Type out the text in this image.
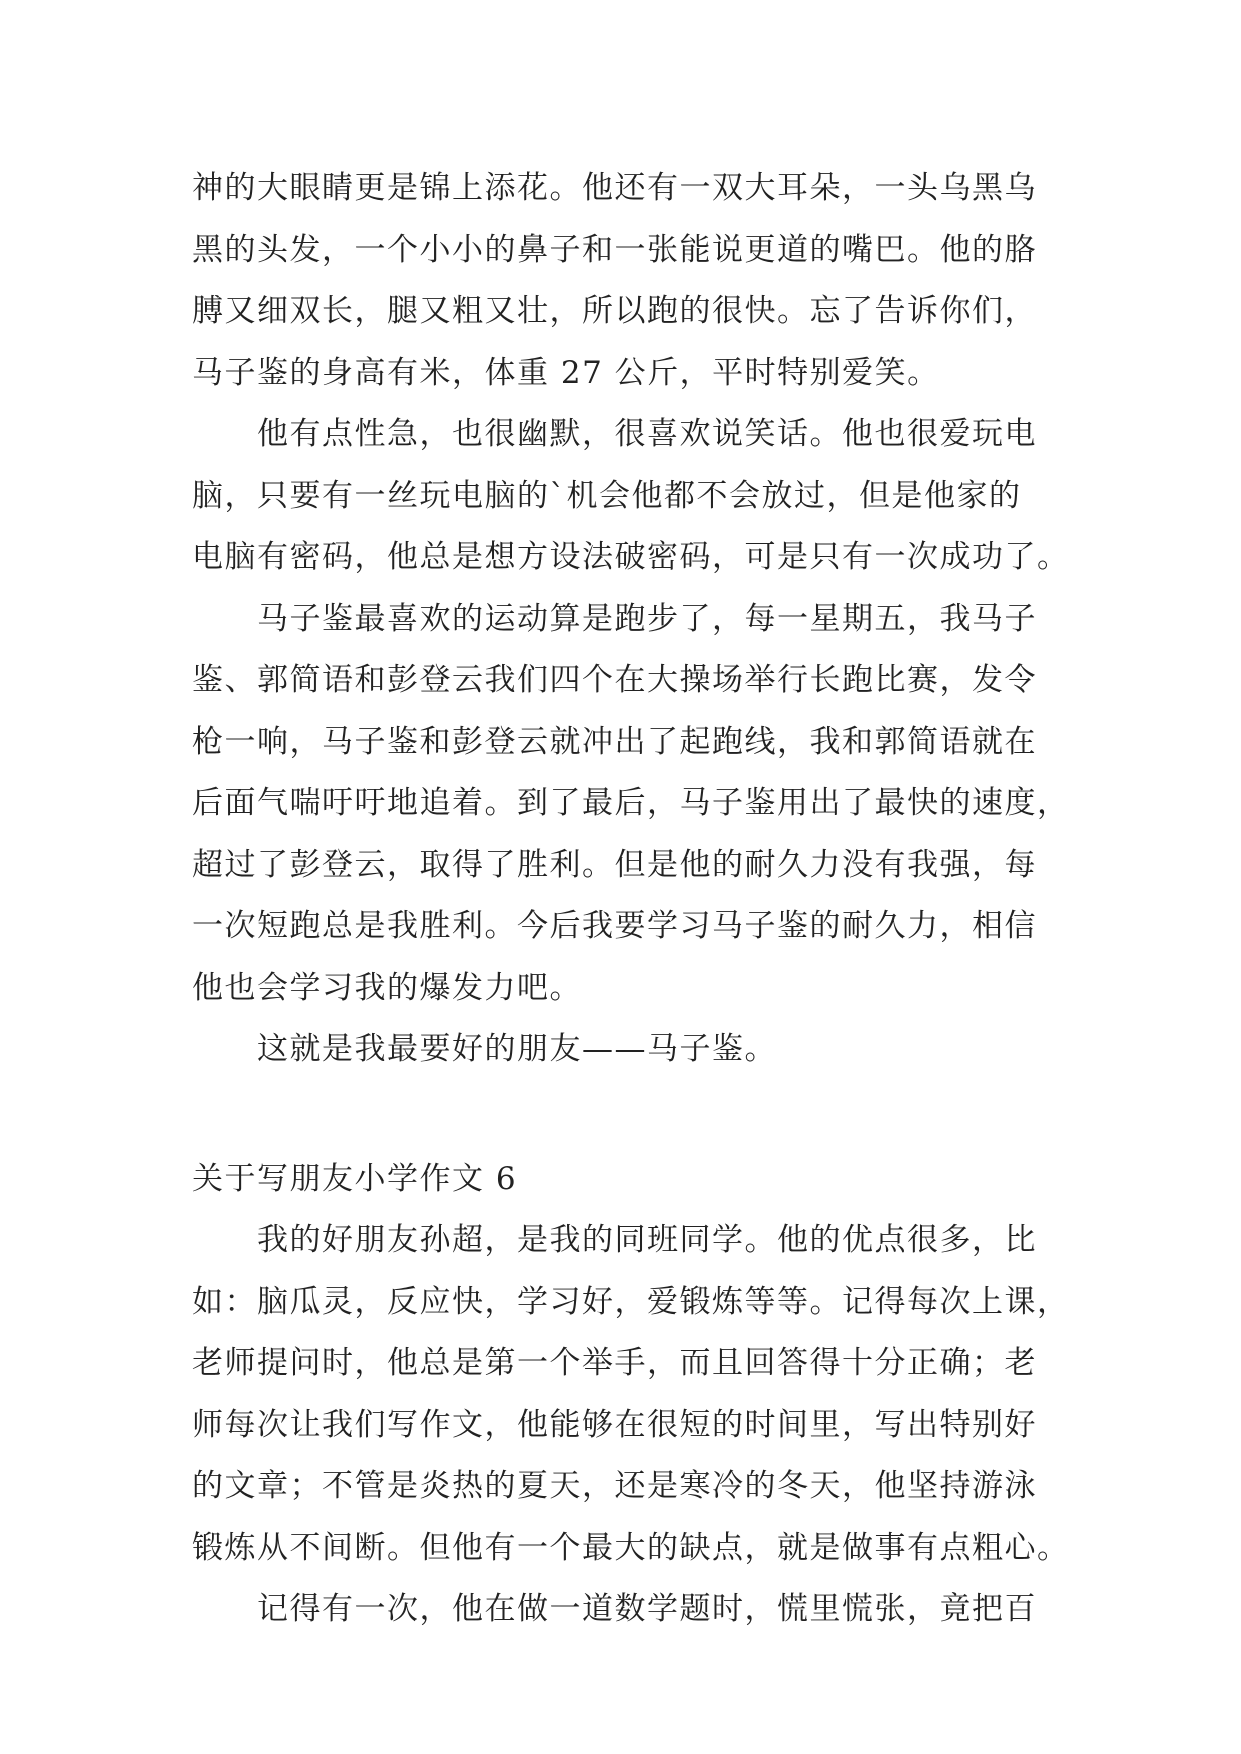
神的大眼睛更是锦上添花。他还有一双大耳朵，一头乌黑乌
黑的头发，一个小小的鼻子和一张能说更道的嘴巴。他的胳
膊又细双长，腿又粗又壮，所以跑的很快。忘了告诉你们，
马子鉴的身高有米，体重 27 公斤，平时特别爱笑。
　　他有点性急，也很幽默，很喜欢说笑话。他也很爱玩电
脑，只要有一丝玩电脑的`机会他都不会放过，但是他家的
电脑有密码，他总是想方设法破密码，可是只有一次成功了。
　　马子鉴最喜欢的运动算是跑步了，每一星期五，我马子
鉴、郭简语和彭登云我们四个在大操场举行长跑比赛，发令
枪一响，马子鉴和彭登云就冲出了起跑线，我和郭简语就在
后面气喘吁吁地追着。到了最后，马子鉴用出了最快的速度，
超过了彭登云，取得了胜利。但是他的耐久力没有我强，每
一次短跑总是我胜利。今后我要学习马子鉴的耐久力，相信
他也会学习我的爆发力吧。
　　这就是我最要好的朋友——马子鉴。
关于写朋友小学作文 6
　　我的好朋友孙超，是我的同班同学。他的优点很多，比
如：脑瓜灵，反应快，学习好，爱锻炼等等。记得每次上课，
老师提问时，他总是第一个举手，而且回答得十分正确；老
师每次让我们写作文，他能够在很短的时间里，写出特别好
的文章；不管是炎热的夏天，还是寒冷的冬天，他坚持游泳
锻炼从不间断。但他有一个最大的缺点，就是做事有点粗心。
　　记得有一次，他在做一道数学题时，慌里慌张，竟把百
